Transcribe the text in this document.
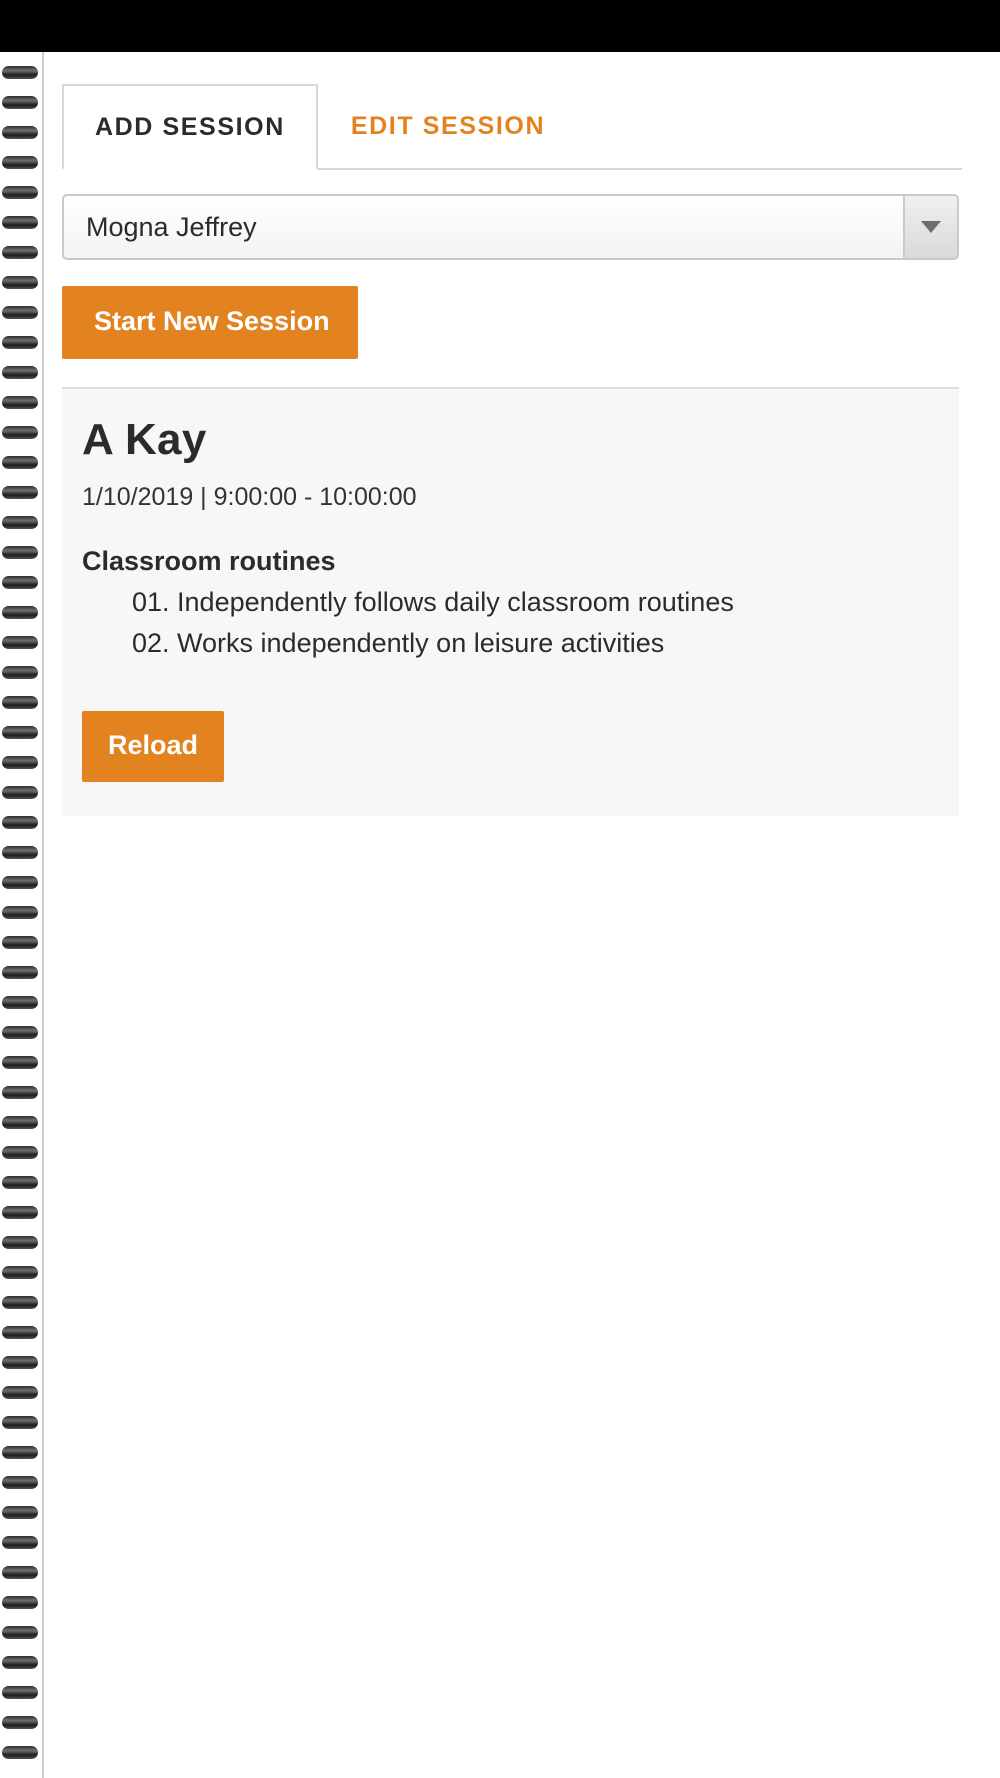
ADD SESSION	EDIT SESSION
Mogna Jeffrey
Start New Session
A Kay
1/10/2019 | 9:00:00 - 10:00:00
Classroom routines
01. Independently follows daily classroom routines
02. Works independently on leisure activities
Reload
